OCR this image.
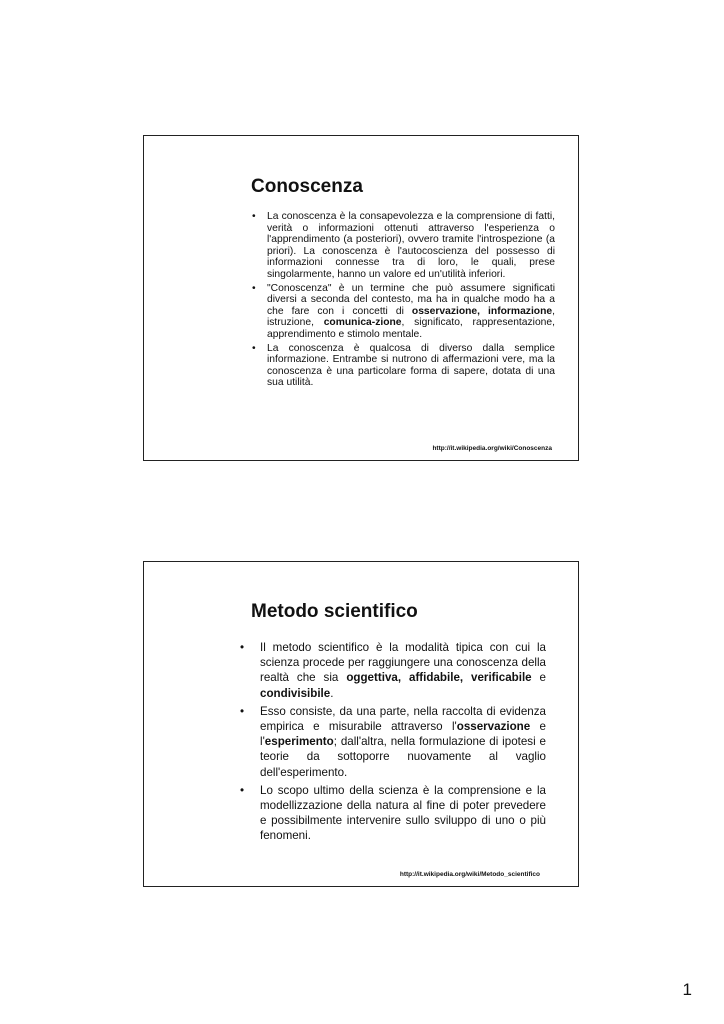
Conoscenza
• La conoscenza è la consapevolezza e la comprensione di fatti, verità o informazioni ottenuti attraverso l'esperienza o l'apprendimento (a posteriori), ovvero tramite l'introspezione (a priori). La conoscenza è l'autocoscienza del possesso di informazioni connesse tra di loro, le quali, prese singolarmente, hanno un valore ed un'utilità inferiori.
• "Conoscenza" è un termine che può assumere significati diversi a seconda del contesto, ma ha in qualche modo ha a che fare con i concetti di osservazione, informazione, istruzione, comunica-zione, significato, rappresentazione, apprendimento e stimolo mentale.
• La conoscenza è qualcosa di diverso dalla semplice informazione. Entrambe si nutrono di affermazioni vere, ma la conoscenza è una particolare forma di sapere, dotata di una sua utilità.
http://it.wikipedia.org/wiki/Conoscenza
Metodo scientifico
• Il metodo scientifico è la modalità tipica con cui la scienza procede per raggiungere una conoscenza della realtà che sia oggettiva, affidabile, verificabile e condivisibile.
• Esso consiste, da una parte, nella raccolta di evidenza empirica e misurabile attraverso l'osservazione e l'esperimento; dall'altra, nella formulazione di ipotesi e teorie da sottoporre nuovamente al vaglio dell'esperimento.
• Lo scopo ultimo della scienza è la comprensione e la modellizzazione della natura al fine di poter prevedere e possibilmente intervenire sullo sviluppo di uno o più fenomeni.
http://it.wikipedia.org/wiki/Metodo_scientifico
1
